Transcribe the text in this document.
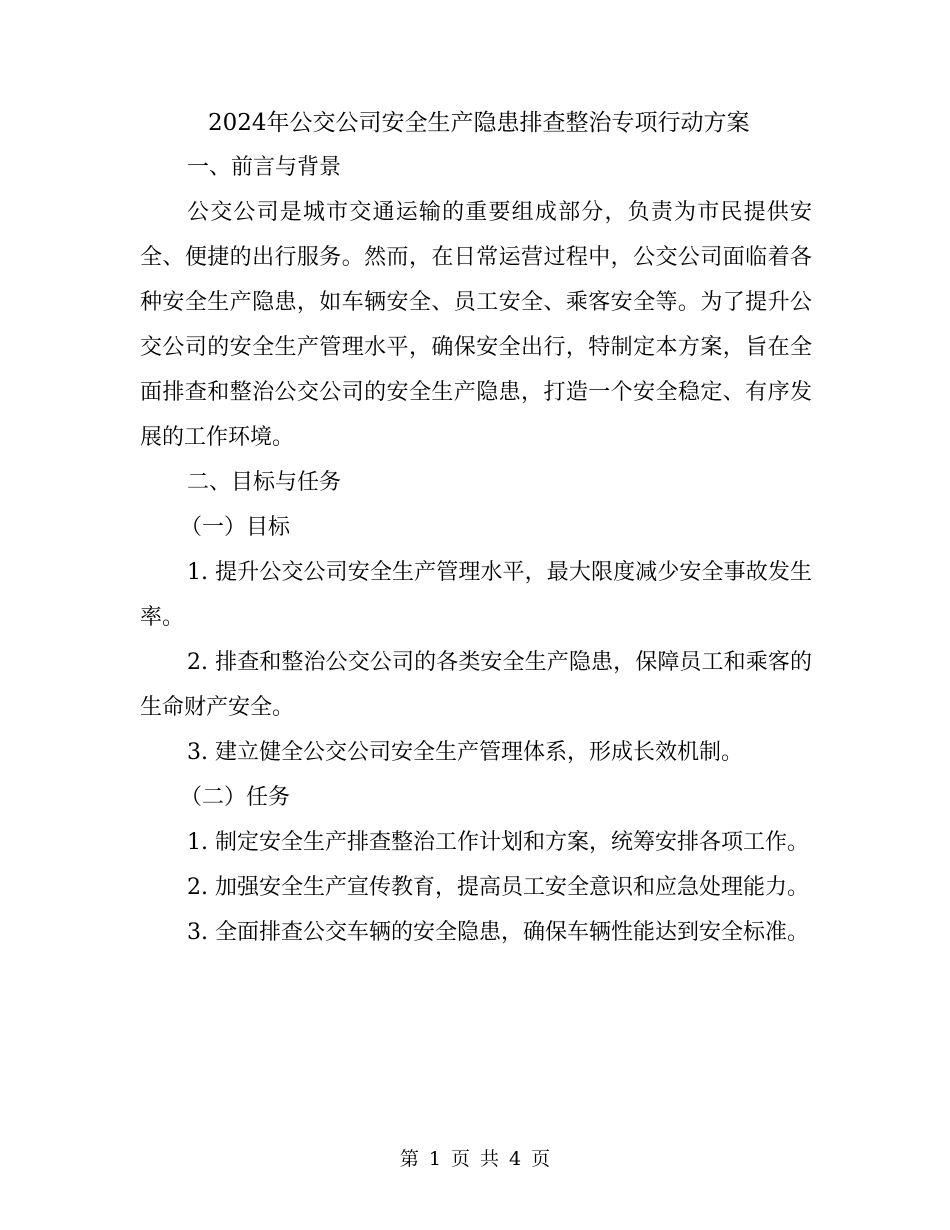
2024年公交公司安全生产隐患排查整治专项行动方案
一、前言与背景

公交公司是城市交通运输的重要组成部分，负责为市民提供安全、便捷的出行服务。然而，在日常运营过程中，公交公司面临着各种安全生产隐患，如车辆安全、员工安全、乘客安全等。为了提升公交公司的安全生产管理水平，确保安全出行，特制定本方案，旨在全面排查和整治公交公司的安全生产隐患，打造一个安全稳定、有序发展的工作环境。

二、目标与任务
（一）目标

1. 提升公交公司安全生产管理水平，最大限度减少安全事故发生率。

2. 排查和整治公交公司的各类安全生产隐患，保障员工和乘客的生命财产安全。

3. 建立健全公交公司安全生产管理体系，形成长效机制。

（二）任务

1. 制定安全生产排查整治工作计划和方案，统筹安排各项工作。

2. 加强安全生产宣传教育，提高员工安全意识和应急处理能力。

3. 全面排查公交车辆的安全隐患，确保车辆性能达到安全标准。

第 1 页 共 4 页
